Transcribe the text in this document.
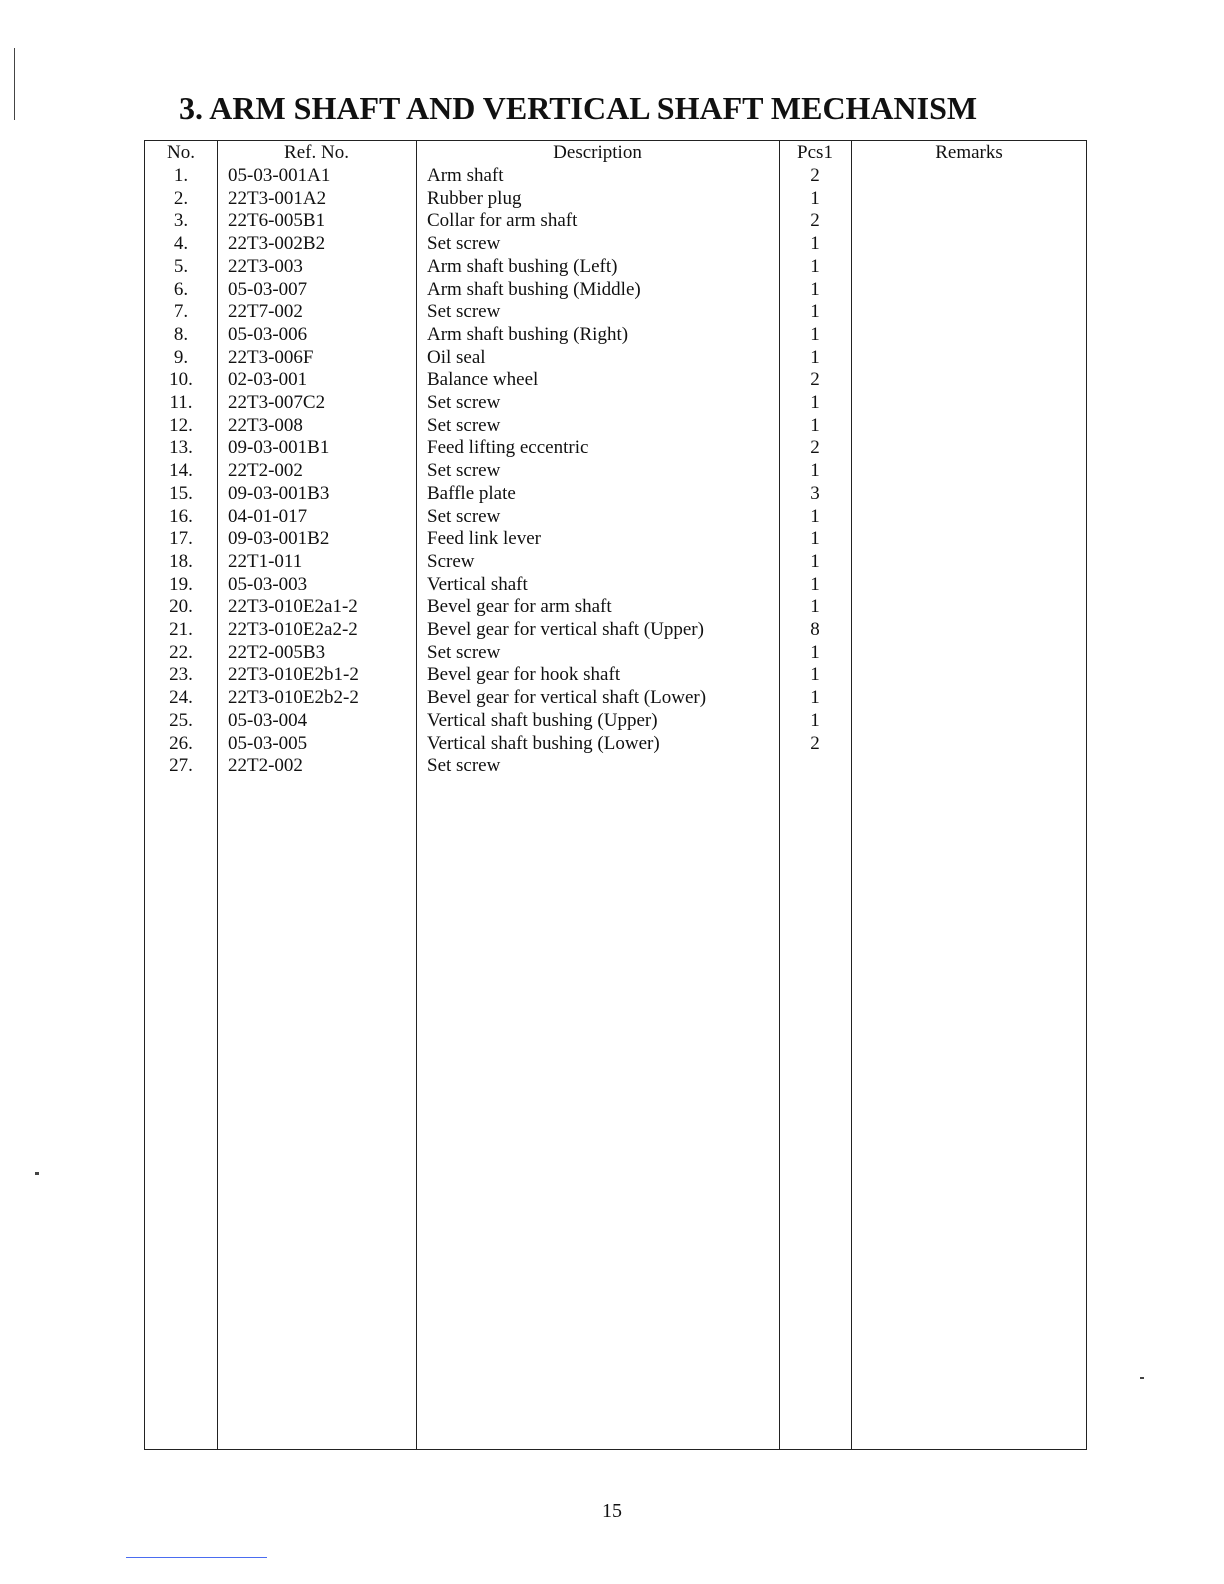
3. ARM SHAFT AND VERTICAL SHAFT MECHANISM
No.	Ref. No.	Description	Pcs1	Remarks
1.	05-03-001A1	Arm shaft	2
2.	22T3-001A2	Rubber plug	1
3.	22T6-005B1	Collar for arm shaft	2
4.	22T3-002B2	Set screw	1
5.	22T3-003	Arm shaft bushing (Left)	1
6.	05-03-007	Arm shaft bushing (Middle)	1
7.	22T7-002	Set screw	1
8.	05-03-006	Arm shaft bushing (Right)	1
9.	22T3-006F	Oil seal	1
10.	02-03-001	Balance wheel	2
11.	22T3-007C2	Set screw	1
12.	22T3-008	Set screw	1
13.	09-03-001B1	Feed lifting eccentric	2
14.	22T2-002	Set screw	1
15.	09-03-001B3	Baffle plate	3
16.	04-01-017	Set screw	1
17.	09-03-001B2	Feed link lever	1
18.	22T1-011	Screw	1
19.	05-03-003	Vertical shaft	1
20.	22T3-010E2a1-2	Bevel gear for arm shaft	1
21.	22T3-010E2a2-2	Bevel gear for vertical shaft (Upper)	8
22.	22T2-005B3	Set screw	1
23.	22T3-010E2b1-2	Bevel gear for hook shaft	1
24.	22T3-010E2b2-2	Bevel gear for vertical shaft (Lower)	1
25.	05-03-004	Vertical shaft bushing (Upper)	1
26.	05-03-005	Vertical shaft bushing (Lower)	2
27.	22T2-002	Set screw
15
